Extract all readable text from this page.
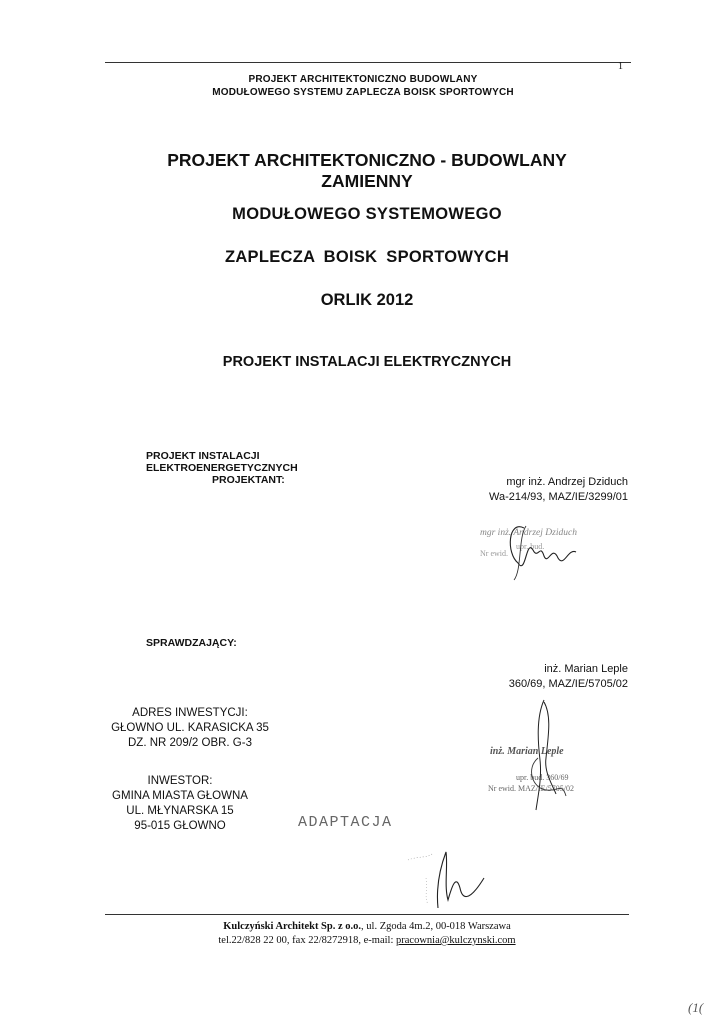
1
PROJEKT ARCHITEKTONICZNO BUDOWLANY
MODUŁOWEGO SYSTEMU ZAPLECZA BOISK SPORTOWYCH
PROJEKT ARCHITEKTONICZNO - BUDOWLANY
ZAMIENNY
MODUŁOWEGO SYSTEMOWEGO
ZAPLECZA BOISK SPORTOWYCH
ORLIK 2012
PROJEKT INSTALACJI ELEKTRYCZNYCH
PROJEKT INSTALACJI
ELEKTROENERGETYCZNYCH
PROJEKTANT:	mgr inż. Andrzej Dziduch
Wa-214/93, MAZ/IE/3299/01
mgr inż. Andrzej Dziduch
upr. bud.
Nr ewid.
SPRAWDZAJĄCY:
inż. Marian Leple
360/69, MAZ/IE/5705/02
inż. Marian Leple
upr. bud. 360/69
Nr ewid. MAZ/IE/5705/02
ADRES INWESTYCJI:
GŁOWNO UL. KARASICKA 35
DZ. NR 209/2 OBR. G-3
INWESTOR:
GMINA MIASTA GŁOWNA
UL. MŁYNARSKA 15
95-015 GŁOWNO	ADAPTACJA
Kulczyński Architekt Sp. z o.o., ul. Zgoda 4m.2, 00-018 Warszawa
tel.22/828 22 00, fax 22/8272918, e-mail: pracownia@kulczynski.com
(1(
